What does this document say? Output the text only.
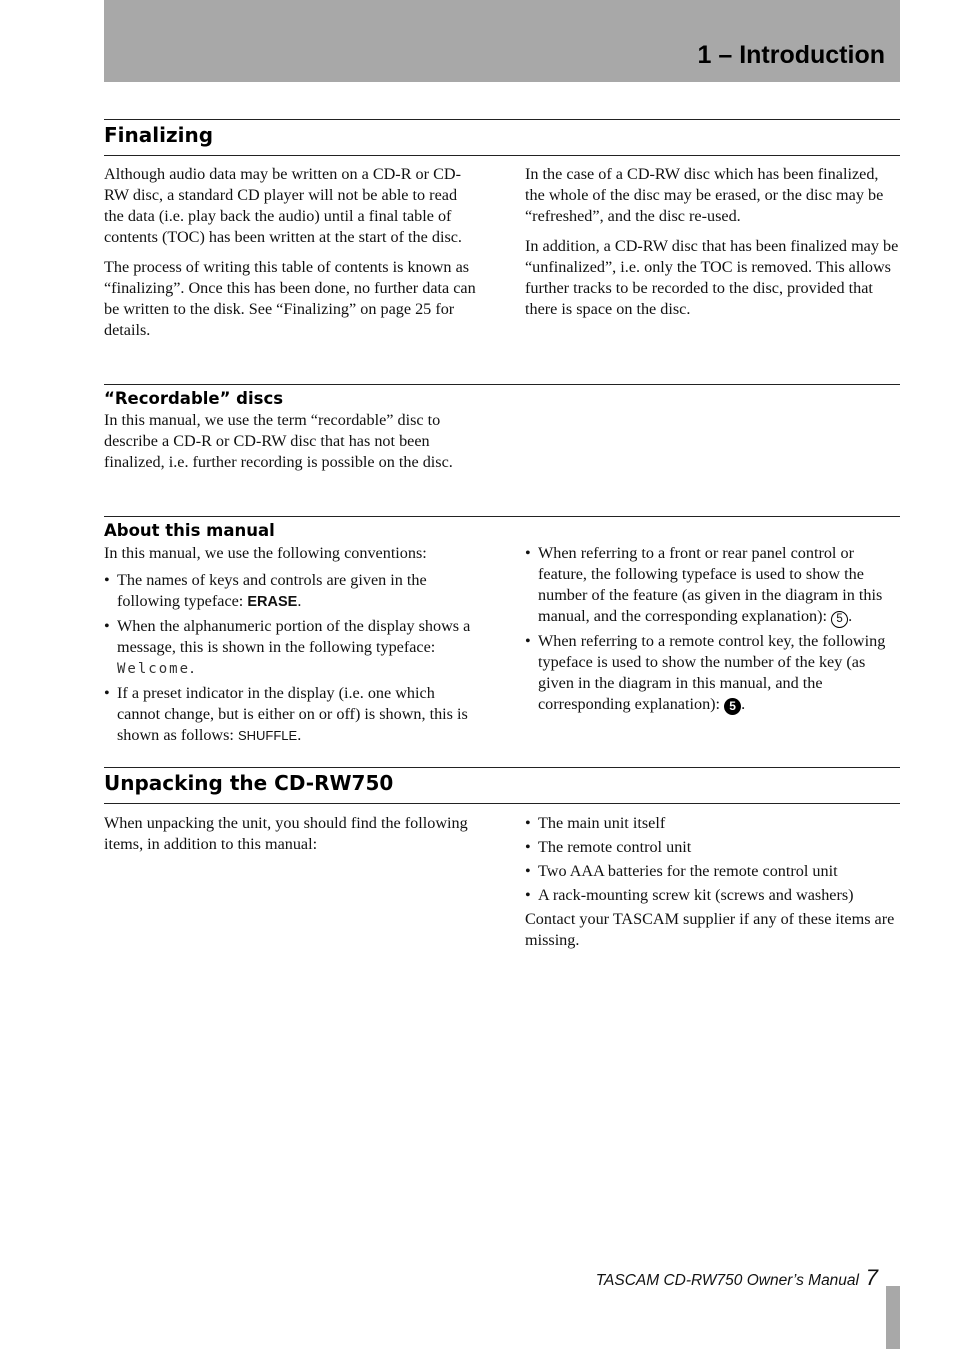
1 – Introduction
Finalizing

Although audio data may be written on a CD-R or CD-RW disc, a standard CD player will not be able to read the data (i.e. play back the audio) until a final table of contents (TOC) has been written at the start of the disc.

The process of writing this table of contents is known as “finalizing”. Once this has been done, no further data can be written to the disk. See “Finalizing” on page 25 for details.

In the case of a CD-RW disc which has been finalized, the whole of the disc may be erased, or the disc may be “refreshed”, and the disc re-used.

In addition, a CD-RW disc that has been finalized may be “unfinalized”, i.e. only the TOC is removed. This allows further tracks to be recorded to the disc, provided that there is space on the disc.

“Recordable” discs

In this manual, we use the term “recordable” disc to describe a CD-R or CD-RW disc that has not been finalized, i.e. further recording is possible on the disc.

About this manual

In this manual, we use the following conventions:

• The names of keys and controls are given in the following typeface: ERASE.
• When the alphanumeric portion of the display shows a message, this is shown in the following typeface: Welcome.
• If a preset indicator in the display (i.e. one which cannot change, but is either on or off) is shown, this is shown as follows: SHUFFLE.
• When referring to a front or rear panel control or feature, the following typeface is used to show the number of the feature (as given in the diagram in this manual, and the corresponding explanation): 5 .
• When referring to a remote control key, the following typeface is used to show the number of the key (as given in the diagram in this manual, and the corresponding explanation): 5 .
Unpacking the CD-RW750

When unpacking the unit, you should find the following items, in addition to this manual:

• The main unit itself
• The remote control unit
• Two AAA batteries for the remote control unit
• A rack-mounting screw kit (screws and washers)

Contact your TASCAM supplier if any of these items are missing.

TASCAM CD-RW750 Owner’s Manual 7
